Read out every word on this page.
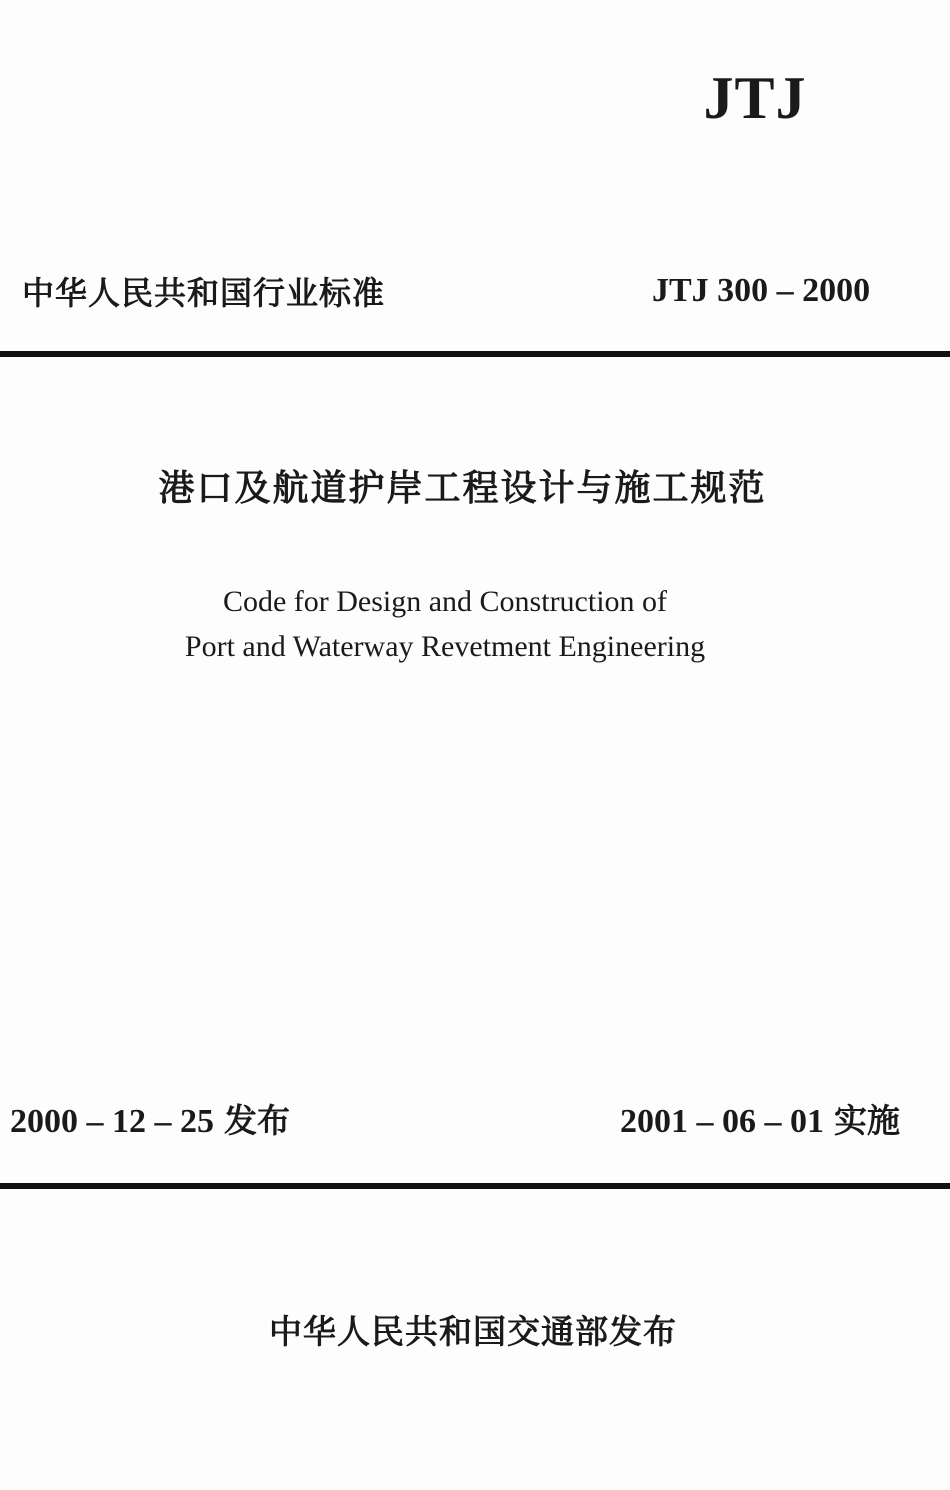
JTJ
中华人民共和国行业标准	JTJ 300 – 2000
港口及航道护岸工程设计与施工规范
Code for Design and Construction of
Port and Waterway Revetment Engineering
2000 – 12 – 25 发布	2001 – 06 – 01 实施
中华人民共和国交通部发布
